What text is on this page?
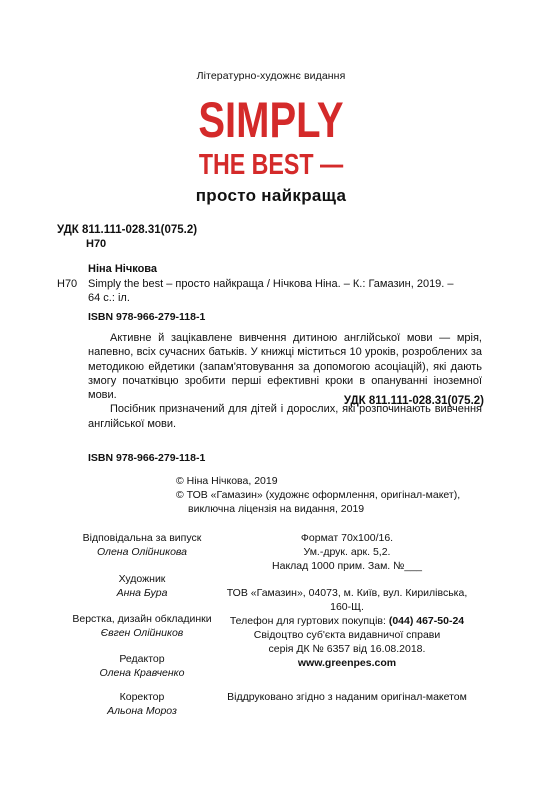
Літературно-художнє видання
SIMPLY
THE BEST —
просто найкраща
УДК 811.111-028.31(075.2)
Н70
Ніна Нічкова
Н70 Simply the best – просто найкраща / Нічкова Ніна. – К.: Гамазин, 2019. –
64 с.: іл.
ISBN 978-966-279-118-1

Активне й зацікавлене вивчення дитиною англійської мови — мрія, напевно, всіх сучасних батьків. У книжці міститься 10 уроків, розроблених за методикою ейдетики (запам'ятовування за допомогою асоціацій), які дають змогу початківцю зробити перші ефективні кроки в опануванні іноземної мови.

Посібник призначений для дітей і дорослих, які розпочинають вивчення англійської мови.

УДК 811.111-028.31(075.2)
ISBN 978-966-279-118-1
© Ніна Нічкова, 2019
© ТОВ «Гамазин» (художнє оформлення, оригінал-макет),
виключна ліцензія на видання, 2019
Відповідальна за випуск
Олена Олійникова
Художник
Анна Бура
Верстка, дизайн обкладинки
Євген Олійников
Редактор
Олена Кравченко
Коректор
Альона Мороз
Формат 70х100/16.
Ум.-друк. арк. 5,2.
Наклад 1000 прим. Зам. №___
ТОВ «Гамазин», 04073, м. Київ, вул. Кирилівська,
160-Щ.
Телефон для гуртових покупців: (044) 467-50-24
Свідоцтво суб'єкта видавничої справи
серія ДК № 6357 від 16.08.2018.
www.greenpes.com
Віддруковано згідно з наданим оригінал-макетом
